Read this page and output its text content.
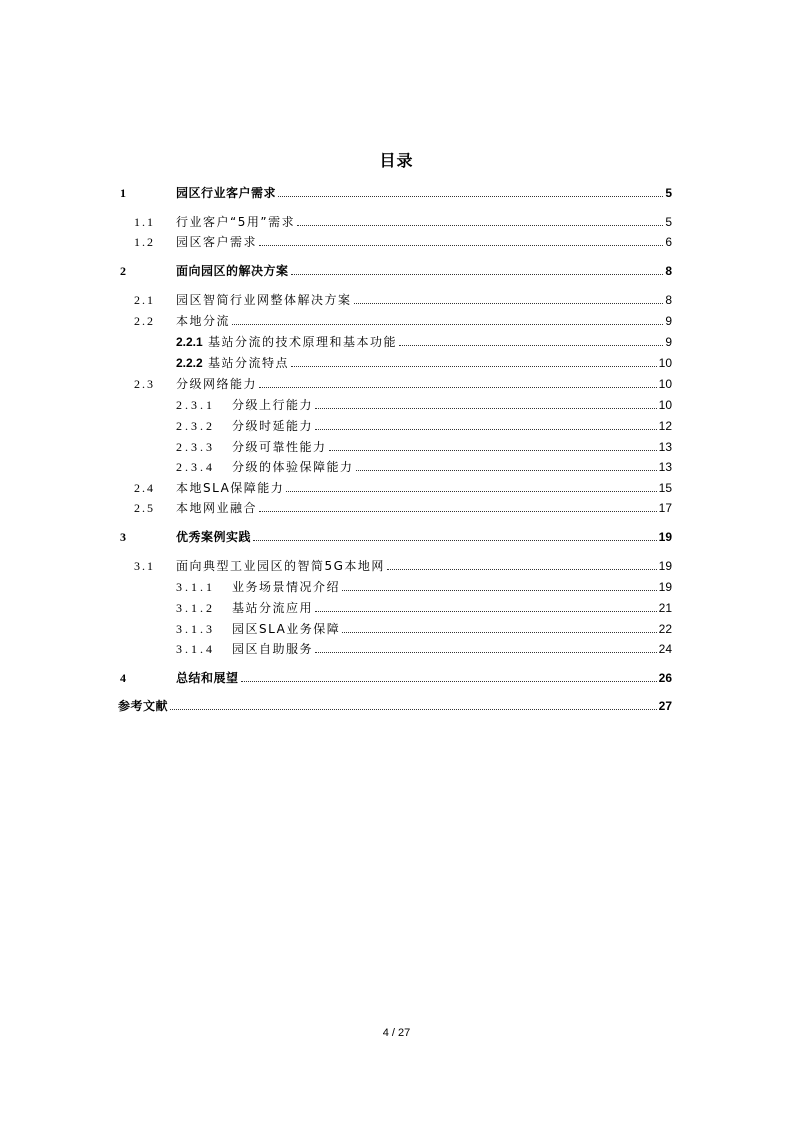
目录
1	园区行业客户需求	5
1.1 行业客户“5用”需求	5
1.2 园区客户需求	6
2	面向园区的解决方案	8
2.1 园区智简行业网整体解决方案	8
2.2 本地分流	9
2.2.1 基站分流的技术原理和基本功能	9
2.2.2 基站分流特点	10
2.3 分级网络能力	10
2.3.1 分级上行能力	10
2.3.2 分级时延能力	12
2.3.3 分级可靠性能力	13
2.3.4 分级的体验保障能力	13
2.4 本地SLA保障能力	15
2.5 本地网业融合	17
3	优秀案例实践	19
3.1 面向典型工业园区的智简5G本地网	19
3.1.1 业务场景情况介绍	19
3.1.2 基站分流应用	21
3.1.3 园区SLA业务保障	22
3.1.4 园区自助服务	24
4	总结和展望	26
参考文献	27
4 / 27
